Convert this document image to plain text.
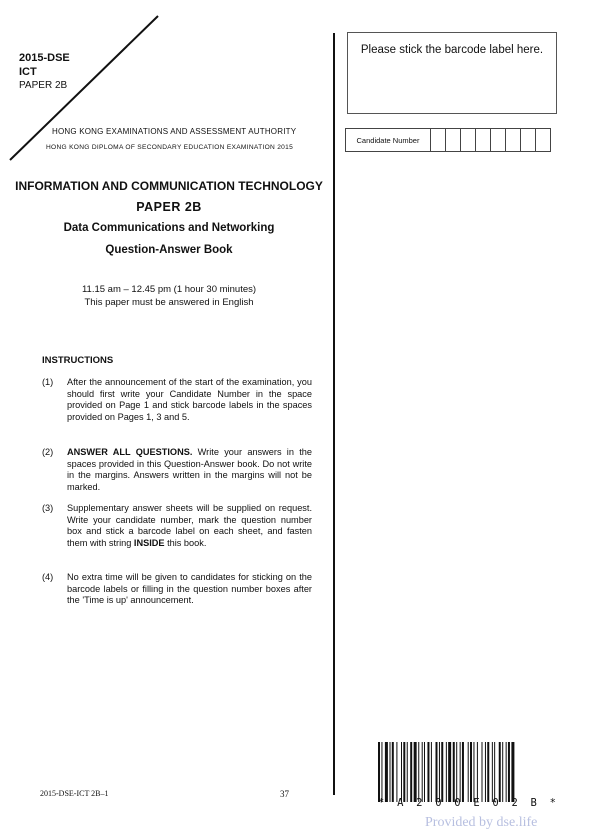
2015-DSE
ICT
PAPER 2B
HONG KONG EXAMINATIONS AND ASSESSMENT AUTHORITY
HONG KONG DIPLOMA OF SECONDARY EDUCATION EXAMINATION 2015
INFORMATION AND COMMUNICATION TECHNOLOGY
PAPER 2B
Data Communications and Networking
Question-Answer Book
11.15 am – 12.45 pm (1 hour 30 minutes)
This paper must be answered in English
INSTRUCTIONS
(1) After the announcement of the start of the examination, you should first write your Candidate Number in the space provided on Page 1 and stick barcode labels in the spaces provided on Pages 1, 3 and 5.
(2) ANSWER ALL QUESTIONS. Write your answers in the spaces provided in this Question-Answer book. Do not write in the margins. Answers written in the margins will not be marked.
(3) Supplementary answer sheets will be supplied on request. Write your candidate number, mark the question number box and stick a barcode label on each sheet, and fasten them with string INSIDE this book.
(4) No extra time will be given to candidates for sticking on the barcode labels or filling in the question number boxes after the 'Time is up' announcement.
Please stick the barcode label here.
Candidate Number
* A 2 0 0 E 0 2 B *
2015-DSE-ICT 2B–1	37
Provided by dse.life
